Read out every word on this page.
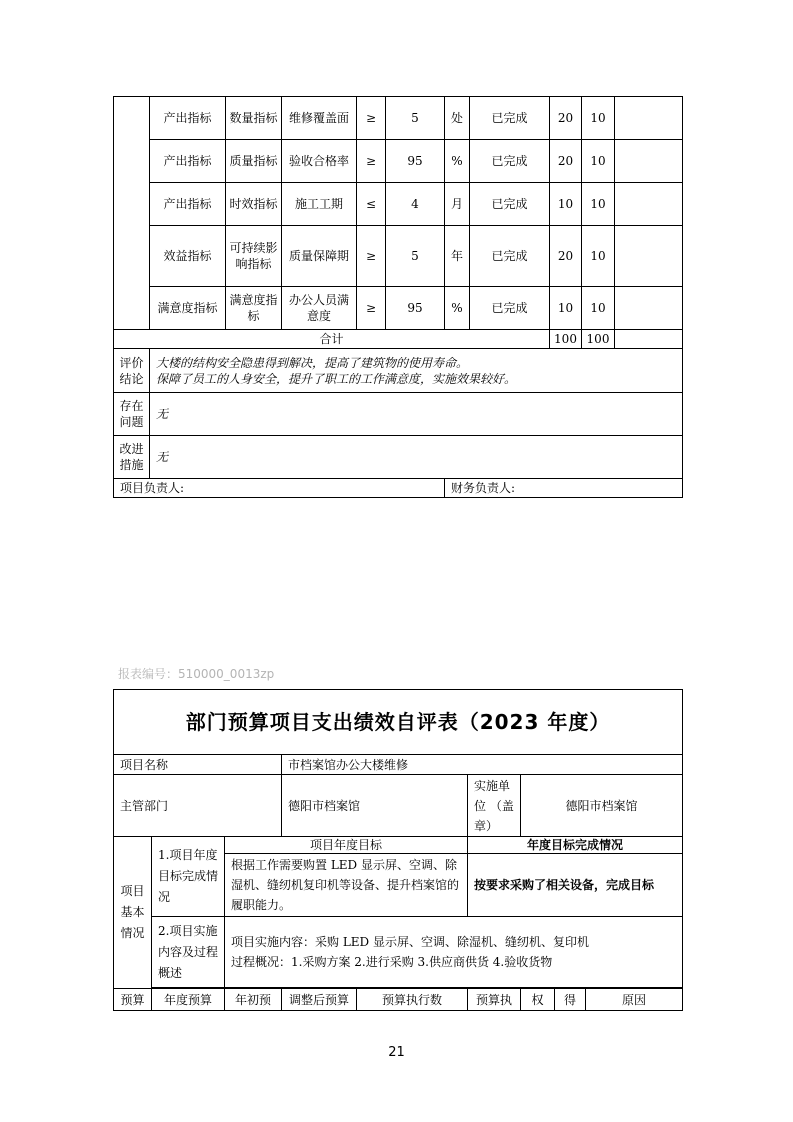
	产出指标	数量指标	维修覆盖面	≥	5	处	已完成	20	10	
	产出指标	质量指标	验收合格率	≥	95	%	已完成	20	10	
	产出指标	时效指标	施工工期	≤	4	月	已完成	10	10	
	效益指标	可持续影响指标	质量保障期	≥	5	年	已完成	20	10	
	满意度指标	满意度指标	办公人员满意度	≥	95	%	已完成	10	10	
合计								100	100	
评价结论	大楼的结构安全隐患得到解决，提高了建筑物的使用寿命。
保障了员工的人身安全，提升了职工的工作满意度，实施效果较好。									

存在问题	无									
改进措施	无									
项目负责人:						财务负责人:				
报表编号：510000_0013zp
部门预算项目支出绩效自评表（2023 年度）								
项目名称			市档案馆办公大楼维修					
主管部门			德阳市档案馆		实施单
位 （盖
章）	德阳市档案馆		
项目基本情况	1.项目年度目标完成情况	项目年度目标			年度目标完成情况			
		根据工作需要购置 LED 显示屏、空调、除湿机、缝纫机复印机等设备、提升档案馆的履职能力。			按要求采购了相关设备，完成目标			
	2.项目实施内容及过程概述	项目实施内容：采购 LED 显示屏、空调、除湿机、缝纫机、复印机
过程概况：1.采购方案 2.进行采购 3.供应商供货 4.验收货物						

预算	年度预算	年初预	调整后预算	预算执行数	预算执	权	得	原因
21
